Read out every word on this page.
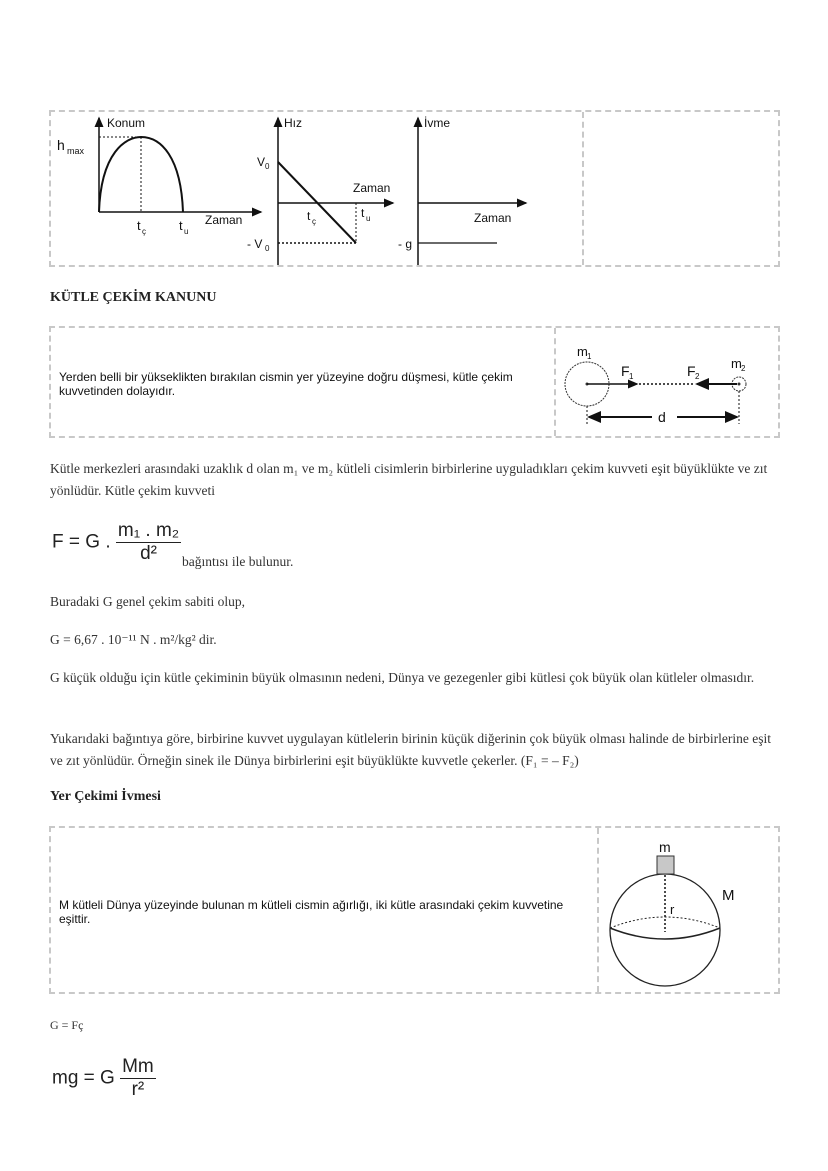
Konum
h max
t ç	t u
Zaman
Hız
V 0
- V 0
Zaman
t ç
t u
İvme
Zaman
- g
KÜTLE ÇEKİM KANUNU
Yerden belli bir yükseklikten bırakılan cismin yer yüzeyine doğru düşmesi, kütle çekim kuvvetinden dolayıdır.
m 1	m 2
F 1	F 2
d
Kütle merkezleri arasındaki uzaklık d olan m₁ ve m₂ kütleli cisimlerin birbirlerine uyguladıkları çekim kuvveti eşit büyüklükte ve zıt yönlüdür. Kütle çekim kuvveti
F = G . $\frac{\text{m₁ . m₂}}{\text{d²}}$ bağıntısı ile bulunur.
Buradaki G genel çekim sabiti olup,
G = 6,67 . 10⁻¹¹ N . m²/kg² dir.
G küçük olduğu için kütle çekiminin büyük olmasının nedeni, Dünya ve gezegenler gibi kütlesi çok büyük olan kütleler olmasıdır.
Yukarıdaki bağıntıya göre, birbirine kuvvet uygulayan kütlelerin birinin küçük diğerinin çok büyük olması halinde de birbirlerine eşit ve zıt yönlüdür. Örneğin sinek ile Dünya birbirlerini eşit büyüklükte kuvvetle çekerler. (F₁ = – F₂)
Yer Çekimi İvmesi
M kütleli Dünya yüzeyinde bulunan m kütleli cismin ağırlığı, iki kütle arasındaki çekim kuvvetine eşittir.
m
M
r
G = Fç
mg = G $\frac{Mm}{\text{r²}}$
